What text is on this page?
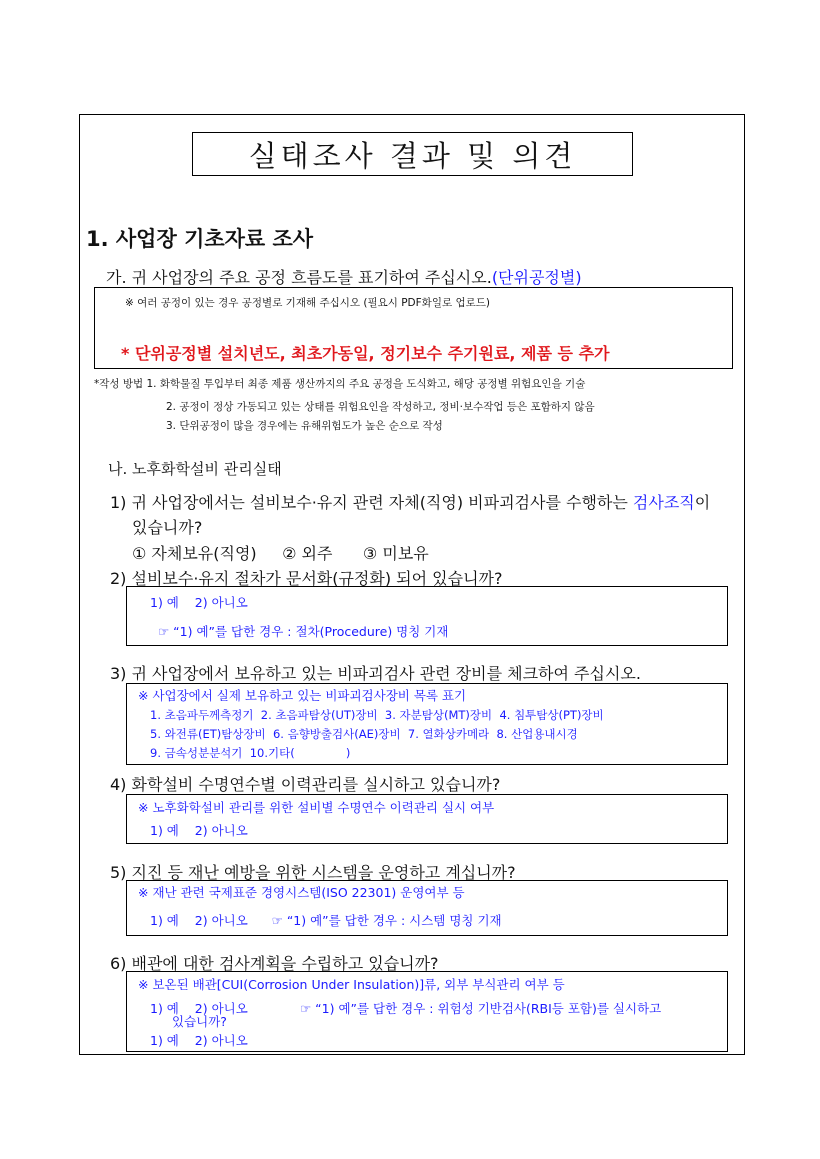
실태조사 결과 및 의견
1. 사업장 기초자료 조사
가. 귀 사업장의 주요 공정 흐름도를 표기하여 주십시오.(단위공정별)
※ 여러 공정이 있는 경우 공정별로 기재해 주십시오 (필요시 PDF화일로 업로드)
* 단위공정별 설치년도, 최초가동일, 정기보수 주기원료, 제품 등 추가
*작성 방법 1. 화학물질 투입부터 최종 제품 생산까지의 주요 공정을 도식화고, 해당 공정별 위험요인을 기술
2. 공정이 정상 가동되고 있는 상태를 위험요인을 작성하고, 정비·보수작업 등은 포함하지 않음
3. 단위공정이 많을 경우에는 유해위험도가 높은 순으로 작성
나. 노후화학설비 관리실태
1) 귀 사업장에서는 설비보수·유지 관련 자체(직영) 비파괴검사를 수행하는 검사조직이
있습니까?
① 자체보유(직영)     ② 외주      ③ 미보유
2) 설비보수·유지 절차가 문서화(규정화) 되어 있습니까?
1) 예    2) 아니오
☞ “1) 예”를 답한 경우 : 절차(Procedure) 명칭 기재
3) 귀 사업장에서 보유하고 있는 비파괴검사 관련 장비를 체크하여 주십시오.
※ 사업장에서 실제 보유하고 있는 비파괴검사장비 목록 표기
1. 초음파두께측정기  2. 초음파탐상(UT)장비  3. 자분탐상(MT)장비  4. 침투탐상(PT)장비
5. 와전류(ET)탐상장비  6. 음향방출검사(AE)장비  7. 열화상카메라  8. 산업용내시경
9. 금속성분분석기  10.기타(              )
4) 화학설비 수명연수별 이력관리를 실시하고 있습니까?
※ 노후화학설비 관리를 위한 설비별 수명연수 이력관리 실시 여부
1) 예    2) 아니오
5) 지진 등 재난 예방을 위한 시스템을 운영하고 계십니까?
※ 재난 관련 국제표준 경영시스템(ISO 22301) 운영여부 등
1) 예    2) 아니오      ☞ “1) 예”를 답한 경우 : 시스템 명칭 기재
6) 배관에 대한 검사계획을 수립하고 있습니까?
※ 보온된 배관[CUI(Corrosion Under Insulation)]류, 외부 부식관리 여부 등
1) 예    2) 아니오	☞ “1) 예”를 답한 경우 : 위험성 기반검사(RBI등 포함)를 실시하고
있습니까?
1) 예    2) 아니오
